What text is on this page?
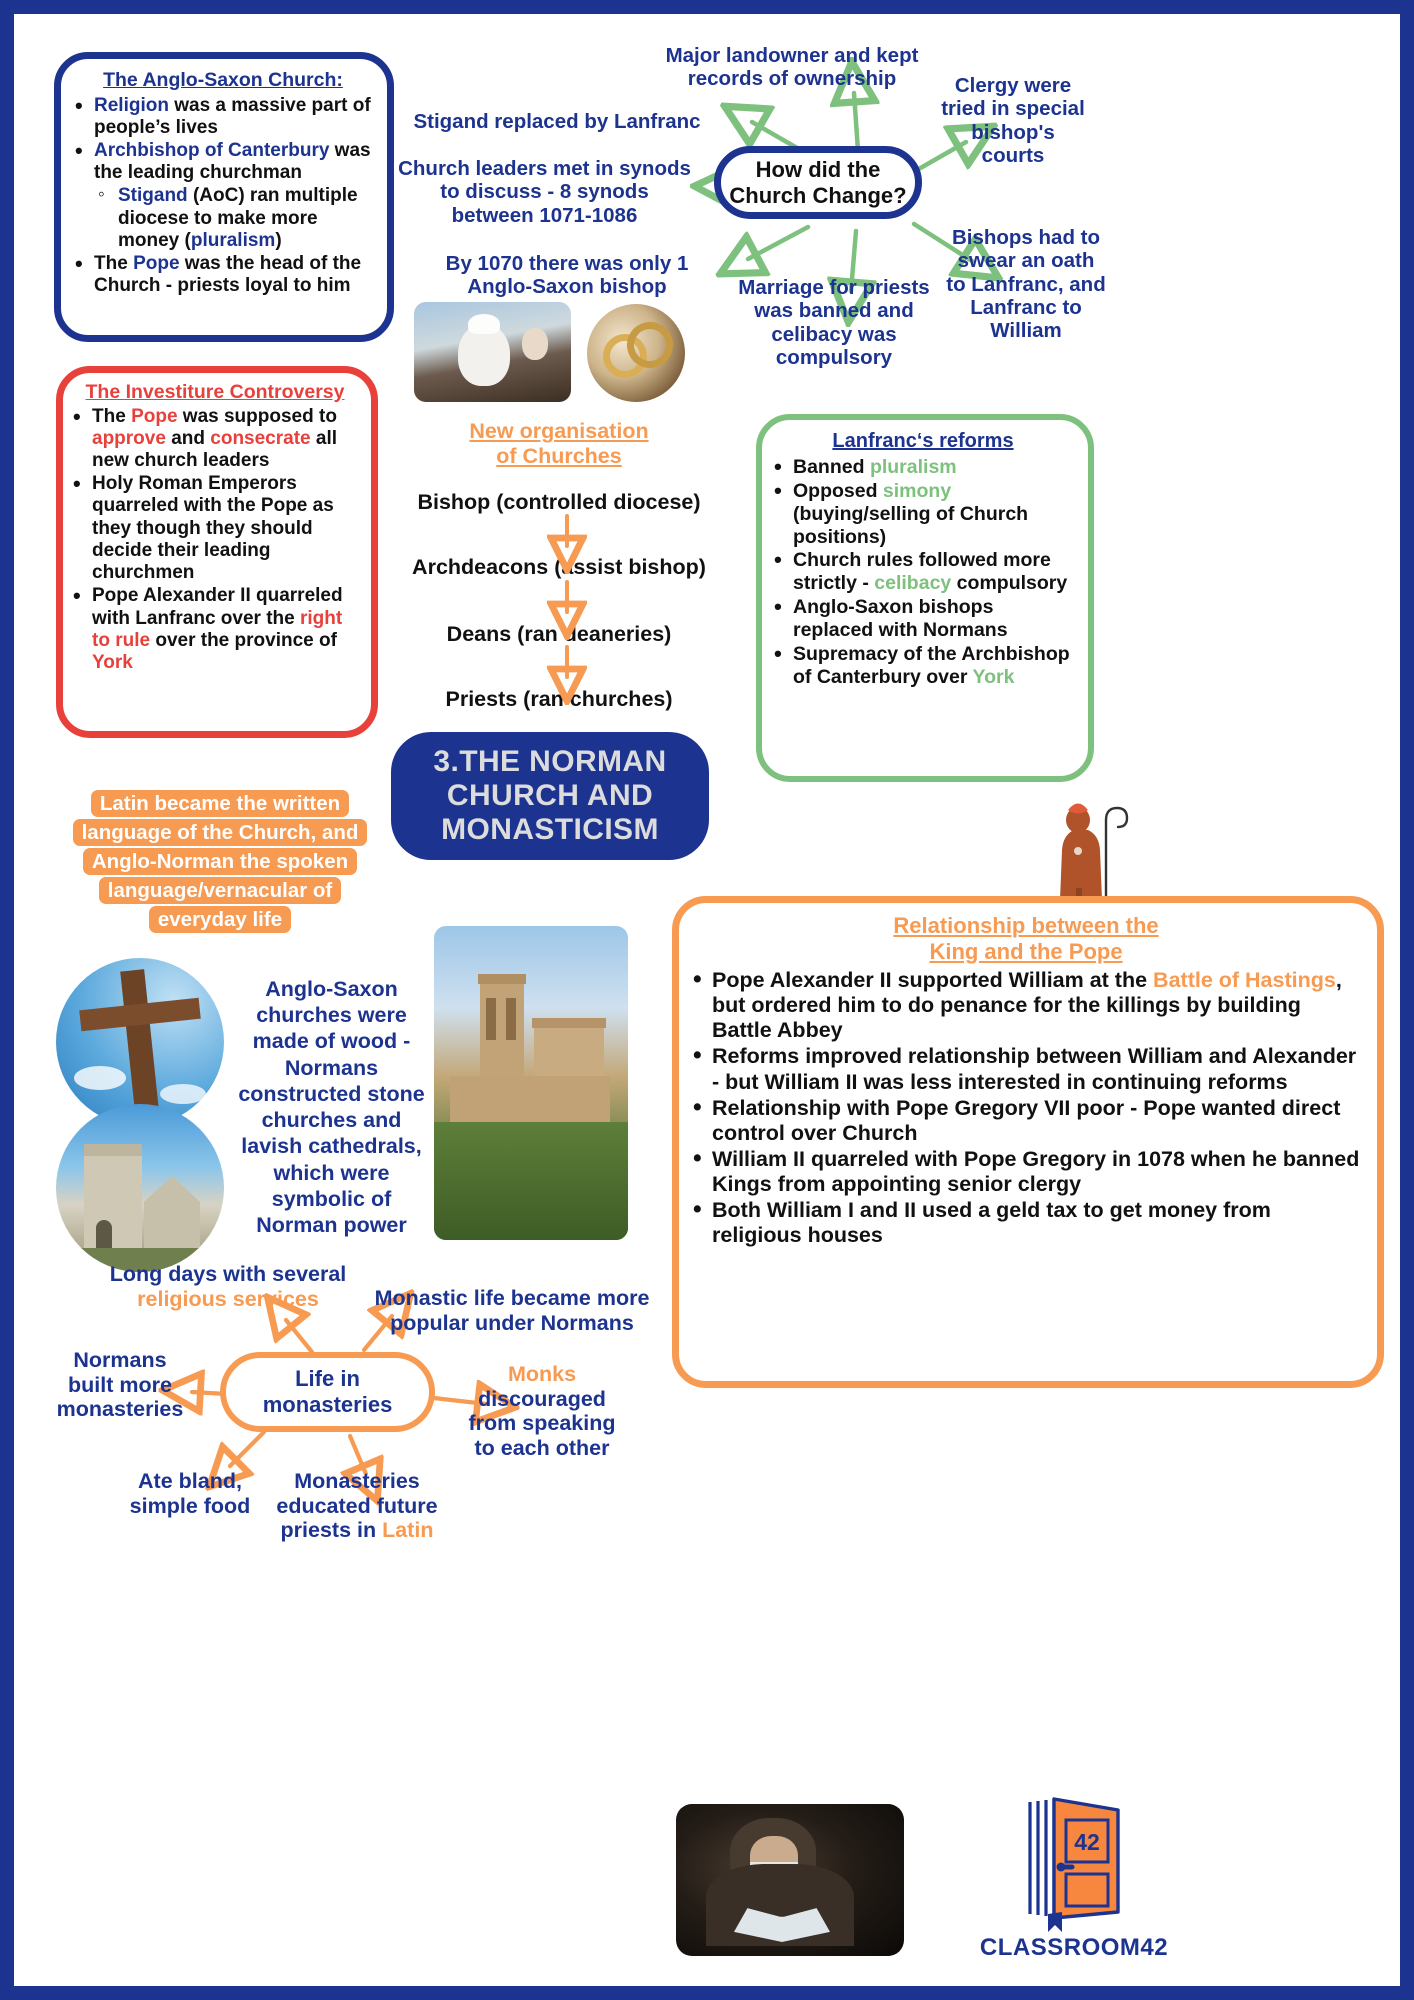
The Anglo-Saxon Church:
• Religion was a massive part of people’s lives
• Archbishop of Canterbury was the leading churchman
◦ Stigand (AoC) ran multiple diocese to make more money (pluralism)
• The Pope was the head of the Church - priests loyal to him
The Investiture Controversy
• The Pope was supposed to approve and consecrate all new church leaders
• Holy Roman Emperors quarreled with the Pope as they though they should decide their leading churchmen
• Pope Alexander II quarreled with Lanfranc over the right to rule over the province of York
How did the Church Change?
Stigand replaced by Lanfranc
Church leaders met in synods to discuss - 8 synods between 1071-1086
By 1070 there was only 1 Anglo-Saxon bishop
Major landowner and kept records of ownership	Clergy were tried in special bishop's courts
Bishops had to swear an oath to Lanfranc, and Lanfranc to William
Marriage for priests was banned and celibacy was compulsory
New organisation
of Churches
Bishop (controlled diocese)
Archdeacons (assist bishop)
Deans (ran deaneries)
Priests (ran churches)
Lanfranc‘s reforms
• Banned pluralism
• Opposed simony (buying/selling of Church positions)
• Church rules followed more strictly - celibacy compulsory
• Anglo-Saxon bishops replaced with Normans
• Supremacy of the Archbishop of Canterbury over York
3.THE NORMAN CHURCH AND MONASTICISM
Latin became the written
language of the Church, and
Anglo-Norman the spoken
language/vernacular of
everyday life	Relationship between the
King and the Pope
• Pope Alexander II supported William at the Battle of Hastings, but ordered him to do penance for the killings by building Battle Abbey
• Reforms improved relationship between William and Alexander - but William II was less interested in continuing reforms
• Relationship with Pope Gregory VII poor - Pope wanted direct control over Church
• William II quarreled with Pope Gregory in 1078 when he banned Kings from appointing senior clergy
• Both William I and II used a geld tax to get money from religious houses
Anglo-Saxon churches were made of wood - Normans constructed stone churches and lavish cathedrals, which were symbolic of Norman power
Life in
monasteries
Long days with several religious services	Monastic life became more popular under Normans
Normans built more monasteries
Monks discouraged from speaking to each other
Ate bland, simple food
Monasteries educated future priests in Latin
42
CLASSROOM42
